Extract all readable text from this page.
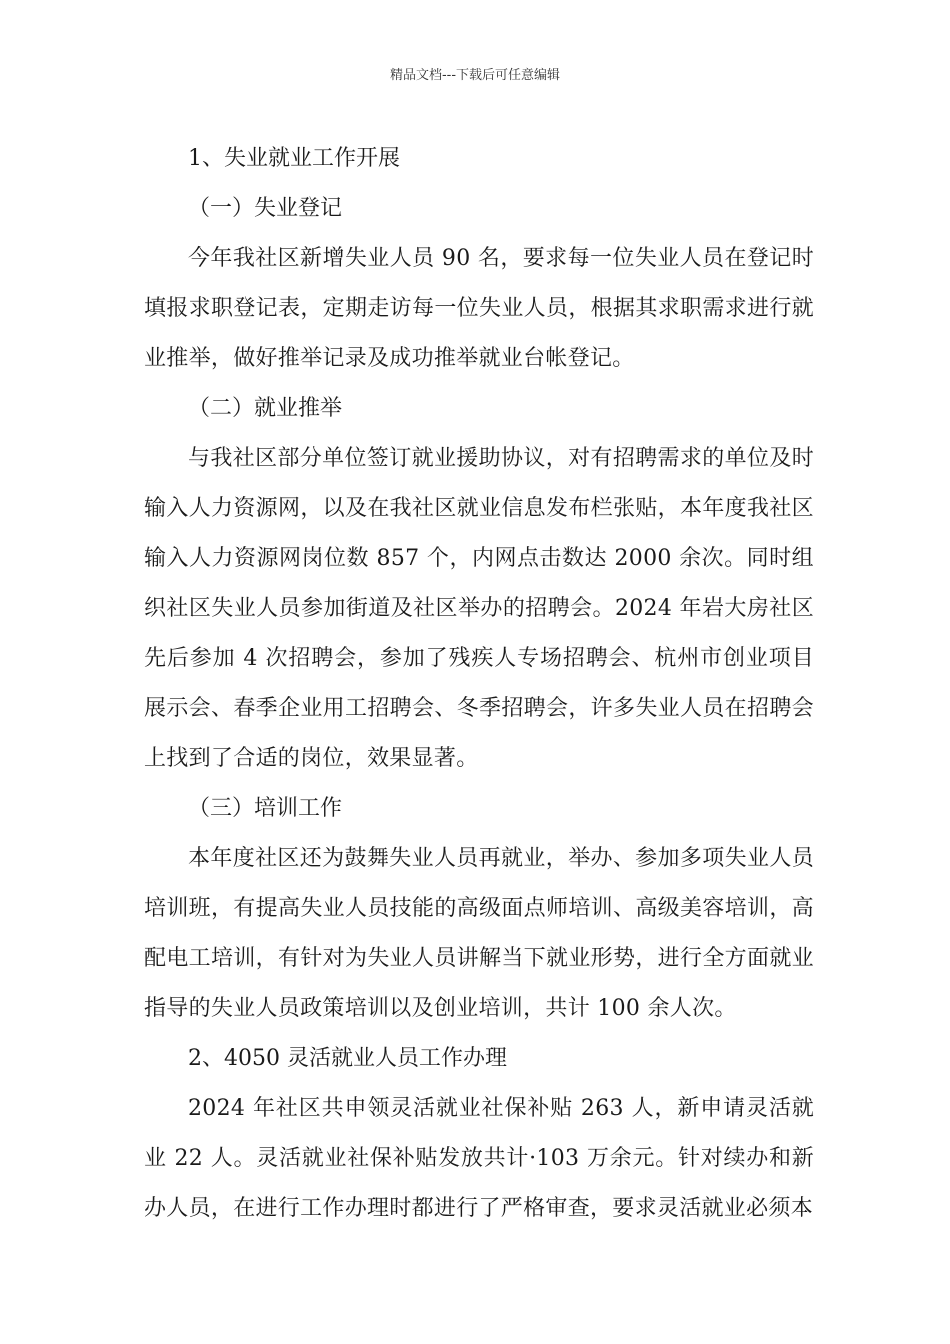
精品文档---下载后可任意编辑

1、失业就业工作开展

（一）失业登记

今年我社区新增失业人员 90 名，要求每一位失业人员在登记时填报求职登记表，定期走访每一位失业人员，根据其求职需求进行就业推举，做好推举记录及成功推举就业台帐登记。

（二）就业推举

与我社区部分单位签订就业援助协议，对有招聘需求的单位及时输入人力资源网，以及在我社区就业信息发布栏张贴，本年度我社区输入人力资源网岗位数 857 个，内网点击数达 2000 余次。同时组织社区失业人员参加街道及社区举办的招聘会。2024 年岩大房社区先后参加 4 次招聘会，参加了残疾人专场招聘会、杭州市创业项目展示会、春季企业用工招聘会、冬季招聘会，许多失业人员在招聘会上找到了合适的岗位，效果显著。

（三）培训工作

本年度社区还为鼓舞失业人员再就业，举办、参加多项失业人员培训班，有提高失业人员技能的高级面点师培训、高级美容培训，高配电工培训，有针对为失业人员讲解当下就业形势，进行全方面就业指导的失业人员政策培训以及创业培训，共计 100 余人次。

2、4050 灵活就业人员工作办理

2024 年社区共申领灵活就业社保补贴 263 人，新申请灵活就业 22 人。灵活就业社保补贴发放共计·103 万余元。针对续办和新办人员，在进行工作办理时都进行了严格审查，要求灵活就业必须本
